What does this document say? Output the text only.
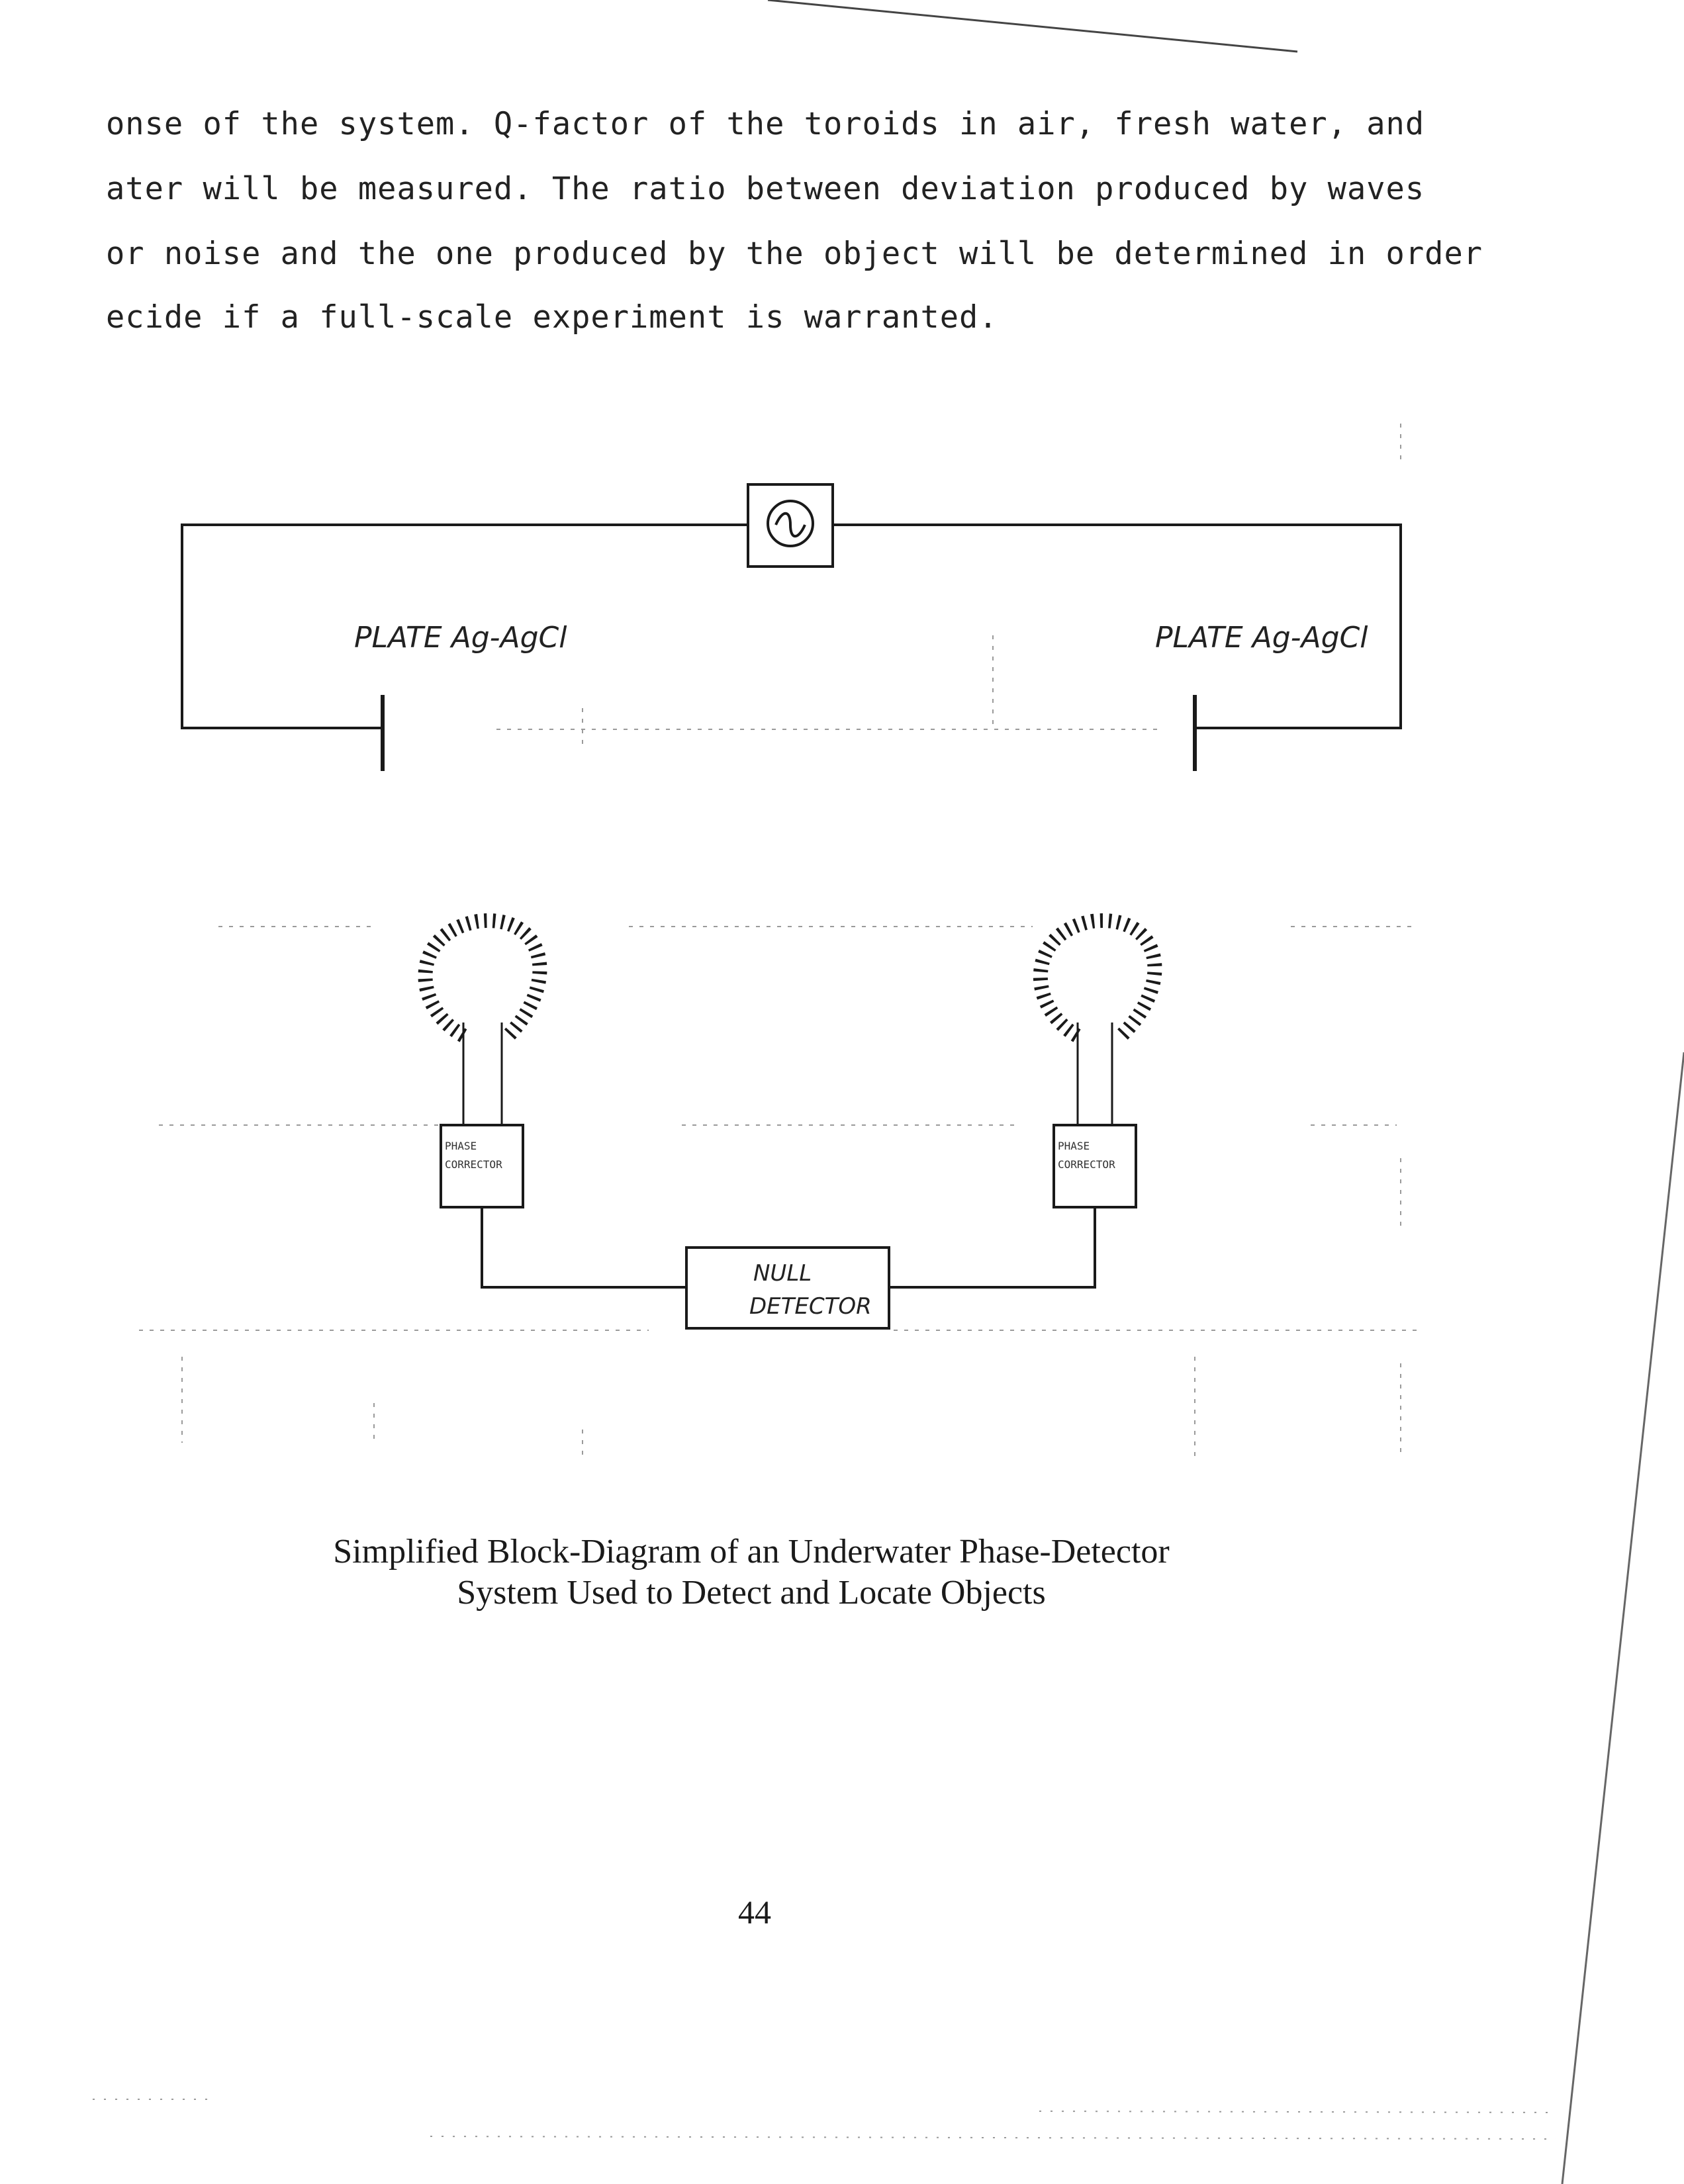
onse of the system. Q-factor of the toroids in air, fresh water, and

ater will be measured. The ratio between deviation produced by waves

or noise and the one produced by the object will be determined in order

ecide if a full-scale experiment is warranted.

PLATE Ag-AgCl	PLATE Ag-AgCl
PHASE
CORRECTOR
PHASE
CORRECTOR
NULL
DETECTOR

Simplified Block-Diagram of an Underwater Phase-Detector

System Used to Detect and Locate Objects

44
